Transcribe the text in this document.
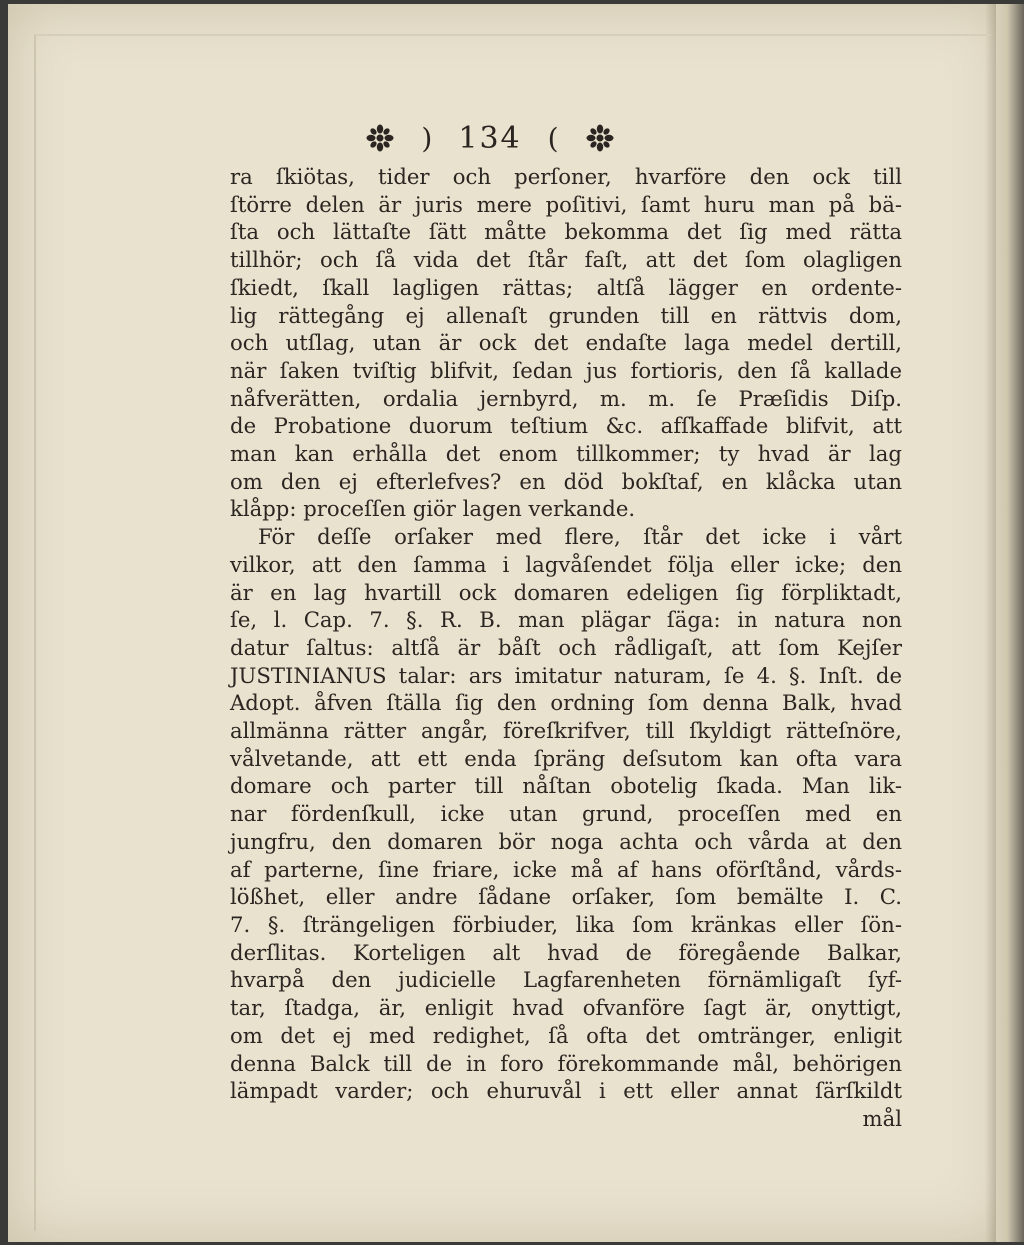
) 134 (
ra ſkiötas, tider och perſoner, hvarföre den ock till
ſtörre delen är juris mere poſitivi, ſamt huru man på bä-
ſta och lättaſte ſätt måtte bekomma det ſig med rätta
tillhör; och ſå vida det ſtår faſt, att det ſom olagligen
ſkiedt, ſkall lagligen rättas; altſå lägger en ordente-
lig rättegång ej allenaſt grunden till en rättvis dom,
och utſlag, utan är ock det endaſte laga medel dertill,
när ſaken tviſtig blifvit, ſedan jus fortioris, den ſå kallade
nåfverätten, ordalia jernbyrd, m. m. ſe Præſidis Diſp.
de Probatione duorum teſtium &c. afſkaffade blifvit, att
man kan erhålla det enom tillkommer; ty hvad är lag
om den ej efterlefves? en död bokſtaf, en klåcka utan
klåpp: proceſſen giör lagen verkande.
För deſſe orſaker med flere, ſtår det icke i vårt
vilkor, att den ſamma i lagvåſendet följa eller icke; den
är en lag hvartill ock domaren edeligen ſig förpliktadt,
ſe, l. Cap. 7. §. R. B. man plägar ſäga: in natura non
datur ſaltus: altſå är båſt och rådligaſt, att ſom Kejſer
JUSTINIANUS talar: ars imitatur naturam, ſe 4. §. Inſt. de
Adopt. åfven ſtälla ſig den ordning ſom denna Balk, hvad
allmänna rätter angår, föreſkrifver, till ſkyldigt rätteſnöre,
vålvetande, att ett enda ſpräng deſsutom kan ofta vara
domare och parter till nåſtan obotelig ſkada. Man lik-
nar fördenſkull, icke utan grund, proceſſen med en
jungfru, den domaren bör noga achta och vårda at den
af parterne, ſine friare, icke må af hans oförſtånd, vårds-
lößhet, eller andre ſådane orſaker, ſom bemälte I. C.
7. §. ſträngeligen förbiuder, lika ſom kränkas eller ſön-
derſlitas. Korteligen alt hvad de föregående Balkar,
hvarpå den judicielle Lagfarenheten förnämligaſt ſyf-
tar, ſtadga, är, enligit hvad ofvanföre ſagt är, onyttigt,
om det ej med redighet, ſå ofta det omtränger, enligit
denna Balck till de in foro förekommande mål, behörigen
lämpadt varder; och ehuruvål i ett eller annat ſärſkildt
mål
